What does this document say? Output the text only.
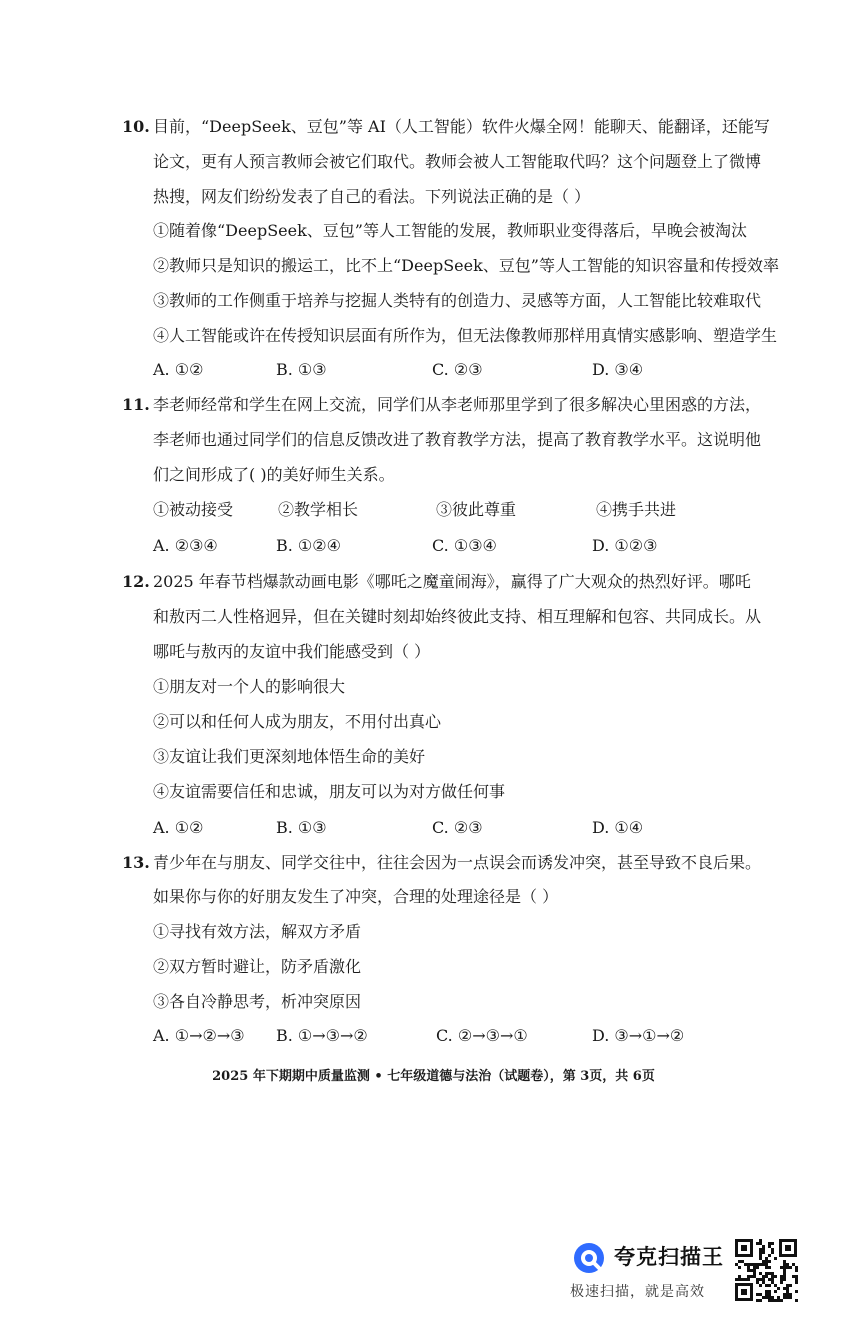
10. 目前，“DeepSeek、豆包”等 AI（人工智能）软件火爆全网！能聊天、能翻译，还能写
论文，更有人预言教师会被它们取代。教师会被人工智能取代吗？这个问题登上了微博
热搜，网友们纷纷发表了自己的看法。下列说法正确的是（ ）
①随着像“DeepSeek、豆包”等人工智能的发展，教师职业变得落后，早晚会被淘汰
②教师只是知识的搬运工，比不上“DeepSeek、豆包”等人工智能的知识容量和传授效率
③教师的工作侧重于培养与挖掘人类特有的创造力、灵感等方面，人工智能比较难取代
④人工智能或许在传授知识层面有所作为，但无法像教师那样用真情实感影响、塑造学生
A. ①②	B. ①③	C. ②③	D. ③④
11. 李老师经常和学生在网上交流，同学们从李老师那里学到了很多解决心里困惑的方法，
李老师也通过同学们的信息反馈改进了教育教学方法，提高了教育教学水平。这说明他
们之间形成了( )的美好师生关系。
①被动接受	②教学相长	③彼此尊重	④携手共进
A. ②③④	B. ①②④	C. ①③④	D. ①②③
12. 2025 年春节档爆款动画电影《哪吒之魔童闹海》，赢得了广大观众的热烈好评。哪吒
和敖丙二人性格迥异，但在关键时刻却始终彼此支持、相互理解和包容、共同成长。从
哪吒与敖丙的友谊中我们能感受到（ ）
①朋友对一个人的影响很大
②可以和任何人成为朋友，不用付出真心
③友谊让我们更深刻地体悟生命的美好
④友谊需要信任和忠诚，朋友可以为对方做任何事
A. ①②	B. ①③	C. ②③	D. ①④
13. 青少年在与朋友、同学交往中，往往会因为一点误会而诱发冲突，甚至导致不良后果。
如果你与你的好朋友发生了冲突，合理的处理途径是（ ）
①寻找有效方法，解双方矛盾
②双方暂时避让，防矛盾激化
③各自冷静思考，析冲突原因
A. ①→②→③ B. ①→③→②	C. ②→③→①	D. ③→①→②
2025 年下期期中质量监测 • 七年级道德与法治（试题卷），第 3页，共 6页
夸克扫描王
极速扫描，就是高效
